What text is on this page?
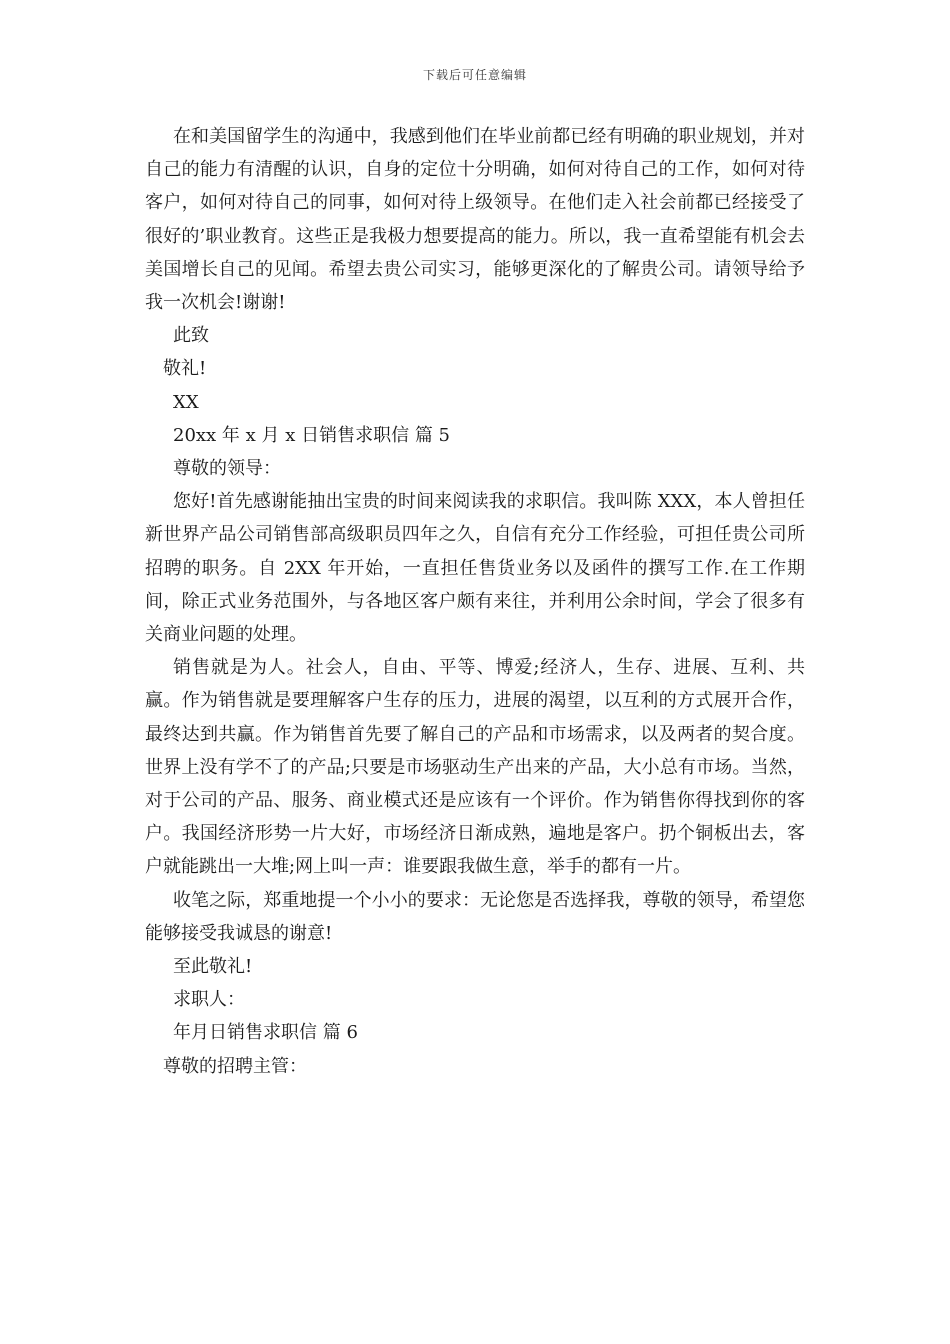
下载后可任意编辑

在和美国留学生的沟通中，我感到他们在毕业前都已经有明确的职业规划，并对自己的能力有清醒的认识，自身的定位十分明确，如何对待自己的工作，如何对待客户，如何对待自己的同事，如何对待上级领导。在他们走入社会前都已经接受了很好的’职业教育。这些正是我极力想要提高的能力。所以，我一直希望能有机会去美国增长自己的见闻。希望去贵公司实习，能够更深化的了解贵公司。请领导给予我一次机会!谢谢!

此致

敬礼!

XX

20xx 年 x 月 x 日销售求职信 篇 5

尊敬的领导：

您好!首先感谢能抽出宝贵的时间来阅读我的求职信。我叫陈 XXX，本人曾担任新世界产品公司销售部高级职员四年之久，自信有充分工作经验，可担任贵公司所招聘的职务。自 2XX 年开始，一直担任售货业务以及函件的撰写工作.在工作期间，除正式业务范围外，与各地区客户颇有来往，并利用公余时间，学会了很多有关商业问题的处理。

销售就是为人。社会人，自由、平等、博爱;经济人，生存、进展、互利、共赢。作为销售就是要理解客户生存的压力，进展的渴望，以互利的方式展开合作，最终达到共赢。作为销售首先要了解自己的产品和市场需求，以及两者的契合度。世界上没有学不了的产品;只要是市场驱动生产出来的产品，大小总有市场。当然，对于公司的产品、服务、商业模式还是应该有一个评价。作为销售你得找到你的客户。我国经济形势一片大好，市场经济日渐成熟，遍地是客户。扔个铜板出去，客户就能跳出一大堆;网上叫一声：谁要跟我做生意，举手的都有一片。

收笔之际，郑重地提一个小小的要求：无论您是否选择我，尊敬的领导，希望您能够接受我诚恳的谢意!

至此敬礼!

求职人：

年月日销售求职信 篇 6

尊敬的招聘主管：
